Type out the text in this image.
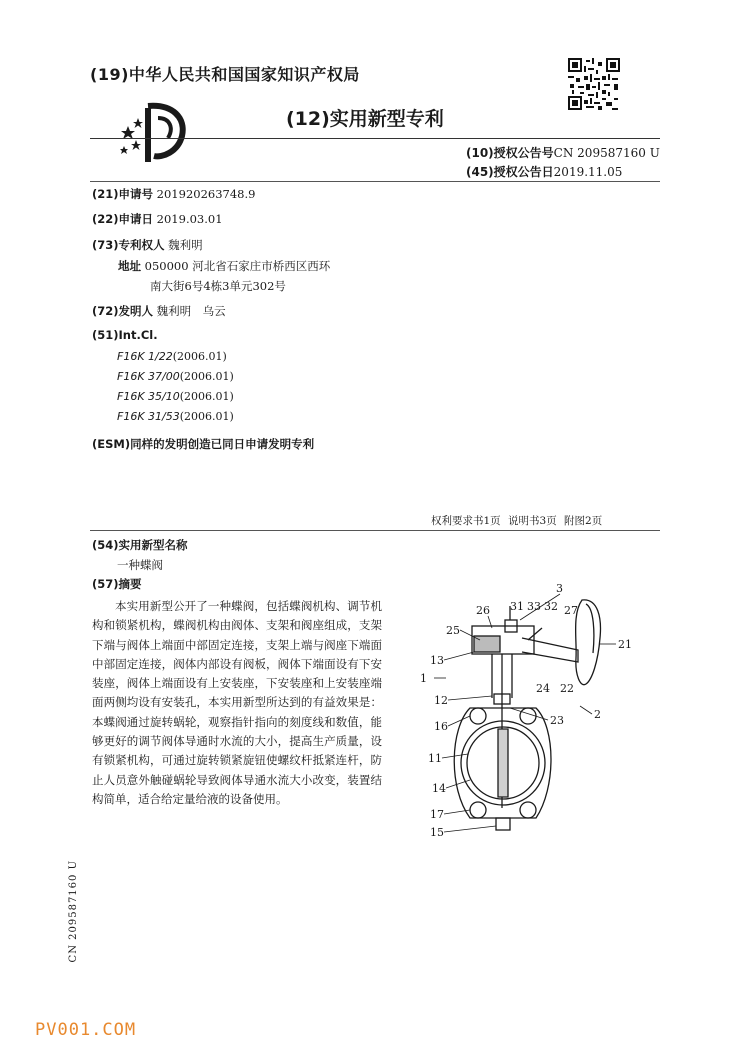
(19)中华人民共和国国家知识产权局
(12)实用新型专利
(10)授权公告号CN 209587160 U
(45)授权公告日2019.11.05
(21)申请号 201920263748.9
(22)申请日 2019.03.01
(73)专利权人 魏利明
地址 050000 河北省石家庄市桥西区西环
南大街6号4栋3单元302号
(72)发明人 魏利明　乌云
(51)Int.Cl.
F16K 1/22(2006.01)
F16K 37/00(2006.01)
F16K 35/10(2006.01)
F16K 31/53(2006.01)
(ESM)同样的发明创造已同日申请发明专利
权利要求书1页 说明书3页 附图2页
(54)实用新型名称
一种蝶阀
(57)摘要
本实用新型公开了一种蝶阀，包括蝶阀机构、调节机构和锁紧机构，蝶阀机构由阀体、支架和阀座组成，支架下端与阀体上端面中部固定连接，支架上端与阀座下端面中部固定连接，阀体内部设有阀板，阀体下端面设有下安装座，阀体上端面设有上安装座，下安装座和上安装座端面两侧均设有安装孔，本实用新型所达到的有益效果是：本蝶阀通过旋转蜗轮，观察指针指向的刻度线和数值，能够更好的调节阀体导通时水流的大小，提高生产质量，设有锁紧机构，可通过旋转锁紧旋钮使螺纹杆抵紧连杆，防止人员意外触碰蜗轮导致阀体导通水流大小改变，装置结构简单，适合给定量给液的设备使用。
3
26 31 33 32 27
25
21
13
1
24 22
12
2
16	23
11
14
17
15
CN 209587160 U
PV001.COM
